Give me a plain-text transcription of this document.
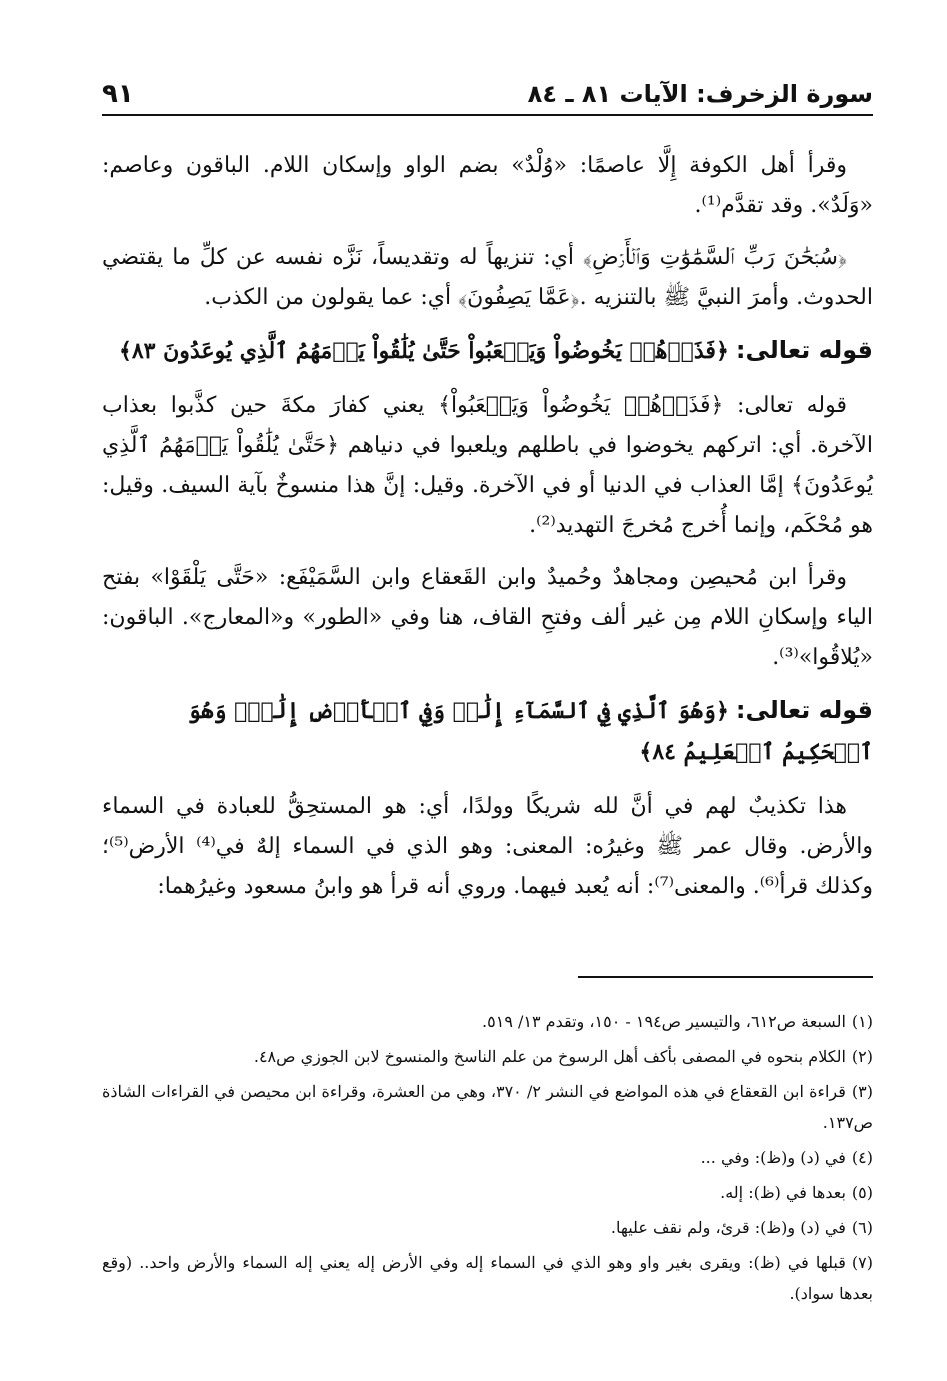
سورة الزخرف: الآيات ٨١ ـ ٨٤
٩١

وقرأ أهل الكوفة إِلَّا عاصمًا: «وُلْدٌ» بضم الواو وإسكان اللام. الباقون وعاصم: «وَلَدٌ». وقد تقدَّم⁽¹⁾.

﴿سُبۡحَٰنَ رَبِّ ٱلسَّمَٰوَٰتِ وَٱلۡأَرۡضِ﴾ أي: تنزيهاً له وتقديساً، نَزَّه نفسه عن كلِّ ما يقتضي الحدوث. وأمرَ النبيَّ ﷺ بالتنزيه .﴿عَمَّا يَصِفُونَ﴾ أي: عما يقولون من الكذب.

قوله تعالى: ﴿فَذَرۡهُمۡ يَخُوضُواْ وَيَلۡعَبُواْ حَتَّىٰ يُلَٰقُواْ يَوۡمَهُمُ ٱلَّذِي يُوعَدُونَ ٨٣﴾

قوله تعالى: ﴿فَذَرۡهُمۡ يَخُوضُواْ وَيَلۡعَبُواْ﴾ يعني كفارَ مكةَ حين كذَّبوا بعذاب الآخرة. أي: اتركهم يخوضوا في باطلهم ويلعبوا في دنياهم ﴿حَتَّىٰ يُلَٰقُواْ يَوۡمَهُمُ ٱلَّذِي يُوعَدُونَ﴾ إمَّا العذاب في الدنيا أو في الآخرة. وقيل: إنَّ هذا منسوخٌ بآية السيف. وقيل: هو مُحْكَم، وإنما أُخرج مُخرجَ التهديد⁽²⁾.

وقرأ ابن مُحيصِن ومجاهدٌ وحُميدٌ وابن القَعقاع وابن السَّمَيْفَع: «حَتَّى يَلْقَوْا» بفتح الياء وإسكانِ اللام مِن غير ألف وفتحِ القاف، هنا وفي «الطور» و«المعارج». الباقون: «يُلاقُوا»⁽³⁾.

قوله تعالى: ﴿وَهُوَ ٱلَّذِي فِي ٱلسَّمَآءِ إِلَٰهٞ وَفِي ٱلۡأَرۡضِ إِلَٰهٞۚ وَهُوَ ٱلۡحَكِيمُ ٱلۡعَلِيمُ ٨٤﴾

هذا تكذيبٌ لهم في أنَّ لله شريكًا وولدًا، أي: هو المستحِقُّ للعبادة في السماء والأرض. وقال عمر ﷺ وغيرُه: المعنى: وهو الذي في السماء إلهٌ في⁽⁴⁾ الأرض⁽⁵⁾؛ وكذلك قرأ⁽⁶⁾. والمعنى⁽⁷⁾: أنه يُعبد فيهما. وروي أنه قرأ هو وابنُ مسعود وغيرُهما:

(١)السبعة ص٦١٢، والتيسير ص١٩٤ - ١٥٠، وتقدم ١٣/ ٥١٩.
(٢)الكلام بنحوه في المصفى بأكف أهل الرسوخ من علم الناسخ والمنسوخ لابن الجوزي ص٤٨.
(٣)قراءة ابن القعقاع في هذه المواضع في النشر ٢/ ٣٧٠، وهي من العشرة، وقراءة ابن محيصن في القراءات الشاذة ص١٣٧.
(٤)في (د) و(ظ): وفي ...
(٥)بعدها في (ظ): إله.
(٦)في (د) و(ظ): قرئ، ولم نقف عليها.
(٧)قبلها في (ظ): ويقرى بغير واو وهو الذي في السماء إله وفي الأرض إله يعني إله السماء والأرض واحد.. (وقع بعدها سواد).
